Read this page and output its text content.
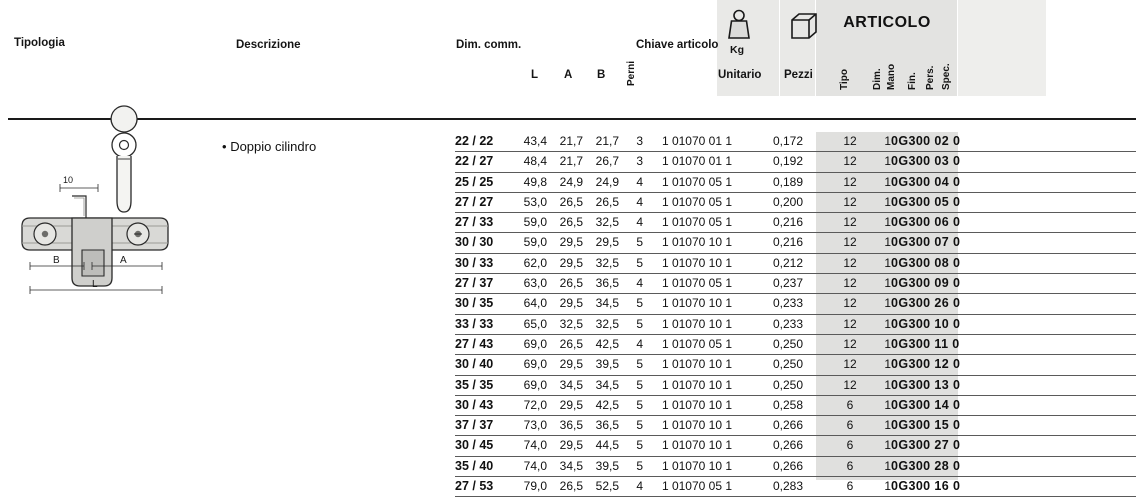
Tipologia	Descrizione	Dim. comm.
L A B Perni
Chiave articolo Kg
Unitario Pezzi
ARTICOLO
Tipo Dim. Mano Fin. Pers. Spec.
10
B	A
L
• Doppio cilindro	22 / 22	43,4	21,7	21,7	3	1 01070 01 1	0,172	12	1	0G300 02 0	
22 / 27	48,4	21,7	26,7	3	1 01070 01 1	0,192	12	1	0G300 03 0	
25 / 25	49,8	24,9	24,9	4	1 01070 05 1	0,189	12	1	0G300 04 0	
27 / 27	53,0	26,5	26,5	4	1 01070 05 1	0,200	12	1	0G300 05 0	
27 / 33	59,0	26,5	32,5	4	1 01070 05 1	0,216	12	1	0G300 06 0	
30 / 30	59,0	29,5	29,5	5	1 01070 10 1	0,216	12	1	0G300 07 0	
30 / 33	62,0	29,5	32,5	5	1 01070 10 1	0,212	12	1	0G300 08 0	
27 / 37	63,0	26,5	36,5	4	1 01070 05 1	0,237	12	1	0G300 09 0	
30 / 35	64,0	29,5	34,5	5	1 01070 10 1	0,233	12	1	0G300 26 0	
33 / 33	65,0	32,5	32,5	5	1 01070 10 1	0,233	12	1	0G300 10 0	
27 / 43	69,0	26,5	42,5	4	1 01070 05 1	0,250	12	1	0G300 11 0	
30 / 40	69,0	29,5	39,5	5	1 01070 10 1	0,250	12	1	0G300 12 0	
35 / 35	69,0	34,5	34,5	5	1 01070 10 1	0,250	12	1	0G300 13 0	
30 / 43	72,0	29,5	42,5	5	1 01070 10 1	0,258	6	1	0G300 14 0	
37 / 37	73,0	36,5	36,5	5	1 01070 10 1	0,266	6	1	0G300 15 0	
30 / 45	74,0	29,5	44,5	5	1 01070 10 1	0,266	6	1	0G300 27 0	
35 / 40	74,0	34,5	39,5	5	1 01070 10 1	0,266	6	1	0G300 28 0	
27 / 53	79,0	26,5	52,5	4	1 01070 05 1	0,283	6	1	0G300 16 0	
